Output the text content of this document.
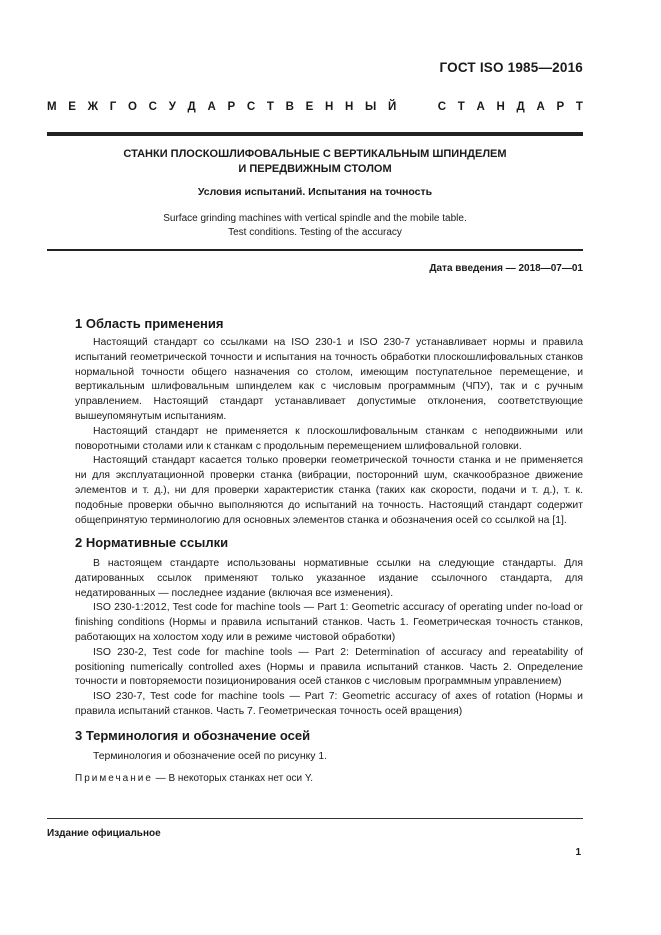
ГОСТ ISO 1985—2016
М Е Ж Г О С У Д А Р С Т В Е Н Н Ы Й

	С Т А Н Д А Р Т
СТАНКИ ПЛОСКОШЛИФОВАЛЬНЫЕ С ВЕРТИКАЛЬНЫМ ШПИНДЕЛЕМ
И ПЕРЕДВИЖНЫМ СТОЛОМ
Условия испытаний. Испытания на точность
Surface grinding machines with vertical spindle and the mobile table.
Test conditions. Testing of the accuracy
Дата введения — 2018—07—01
1 Область применения
Настоящий стандарт со ссылками на ISO 230-1 и ISO 230-7 устанавливает нормы и правила испытаний геометрической точности и испытания на точность обработки плоскошлифовальных станков нормальной точности общего назначения со столом, имеющим поступательное перемещение, и вертикальным шлифовальным шпинделем как с числовым программным (ЧПУ), так и с ручным управлением. Настоящий стандарт устанавливает допустимые отклонения, соответствующие вышеупомянутым испытаниям.
Настоящий стандарт не применяется к плоскошлифовальным станкам с неподвижными или поворотными столами или к станкам с продольным перемещением шлифовальной головки.
Настоящий стандарт касается только проверки геометрической точности станка и не применяется ни для эксплуатационной проверки станка (вибрации, посторонний шум, скачкообразное движение элементов и т. д.), ни для проверки характеристик станка (таких как скорости, подачи и т. д.), т. к. подобные проверки обычно выполняются до испытаний на точность. Настоящий стандарт содержит общепринятую терминологию для основных элементов станка и обозначения осей со ссылкой на [1].
2 Нормативные ссылки
В настоящем стандарте использованы нормативные ссылки на следующие стандарты. Для датированных ссылок применяют только указанное издание ссылочного стандарта, для недатированных — последнее издание (включая все изменения).
ISO 230-1:2012, Test code for machine tools — Part 1: Geometric accuracy of operating under no-load or finishing conditions (Нормы и правила испытаний станков. Часть 1. Геометрическая точность станков, работающих на холостом ходу или в режиме чистовой обработки)
ISO 230-2, Test code for machine tools — Part 2: Determination of accuracy and repeatability of positioning numerically controlled axes (Нормы и правила испытаний станков. Часть 2. Определение точности и повторяемости позиционирования осей станков с числовым программным управлением)
ISO 230-7, Test code for machine tools — Part 7: Geometric accuracy of axes of rotation (Нормы и правила испытаний станков. Часть 7. Геометрическая точность осей вращения)
3 Терминология и обозначение осей
Терминология и обозначение осей по рисунку 1.
Примечание — В некоторых станках нет оси Y.
Издание официальное
1
